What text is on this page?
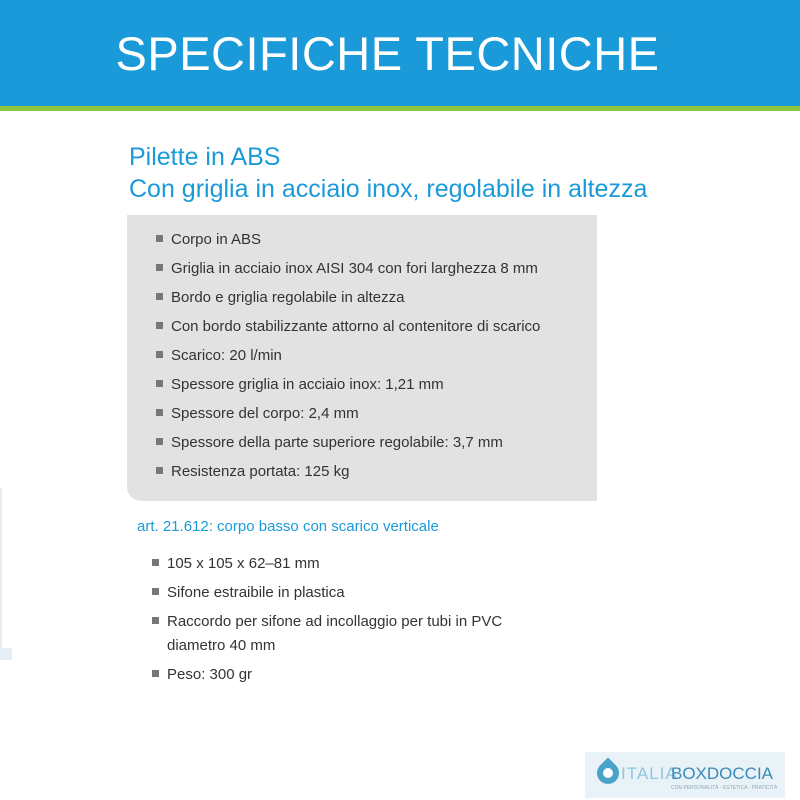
SPECIFICHE TECNICHE
Pilette in ABS
Con griglia in acciaio inox, regolabile in altezza
Corpo in ABS
Griglia in acciaio inox AISI 304 con fori larghezza 8 mm
Bordo e griglia regolabile in altezza
Con bordo stabilizzante attorno al contenitore di scarico
Scarico: 20 l/min
Spessore griglia in acciaio inox: 1,21 mm
Spessore del corpo: 2,4 mm
Spessore della parte superiore regolabile: 3,7 mm
Resistenza portata: 125 kg
art. 21.612: corpo basso con scarico verticale
105 x 105 x 62–81 mm
Sifone estraibile in plastica
Raccordo per sifone ad incollaggio per tubi in PVC
diametro 40 mm
Peso: 300 gr
ITALIA
BOXDOCCIA
CON PERSONALITÀ · ESTETICA · PRATICITÀ
